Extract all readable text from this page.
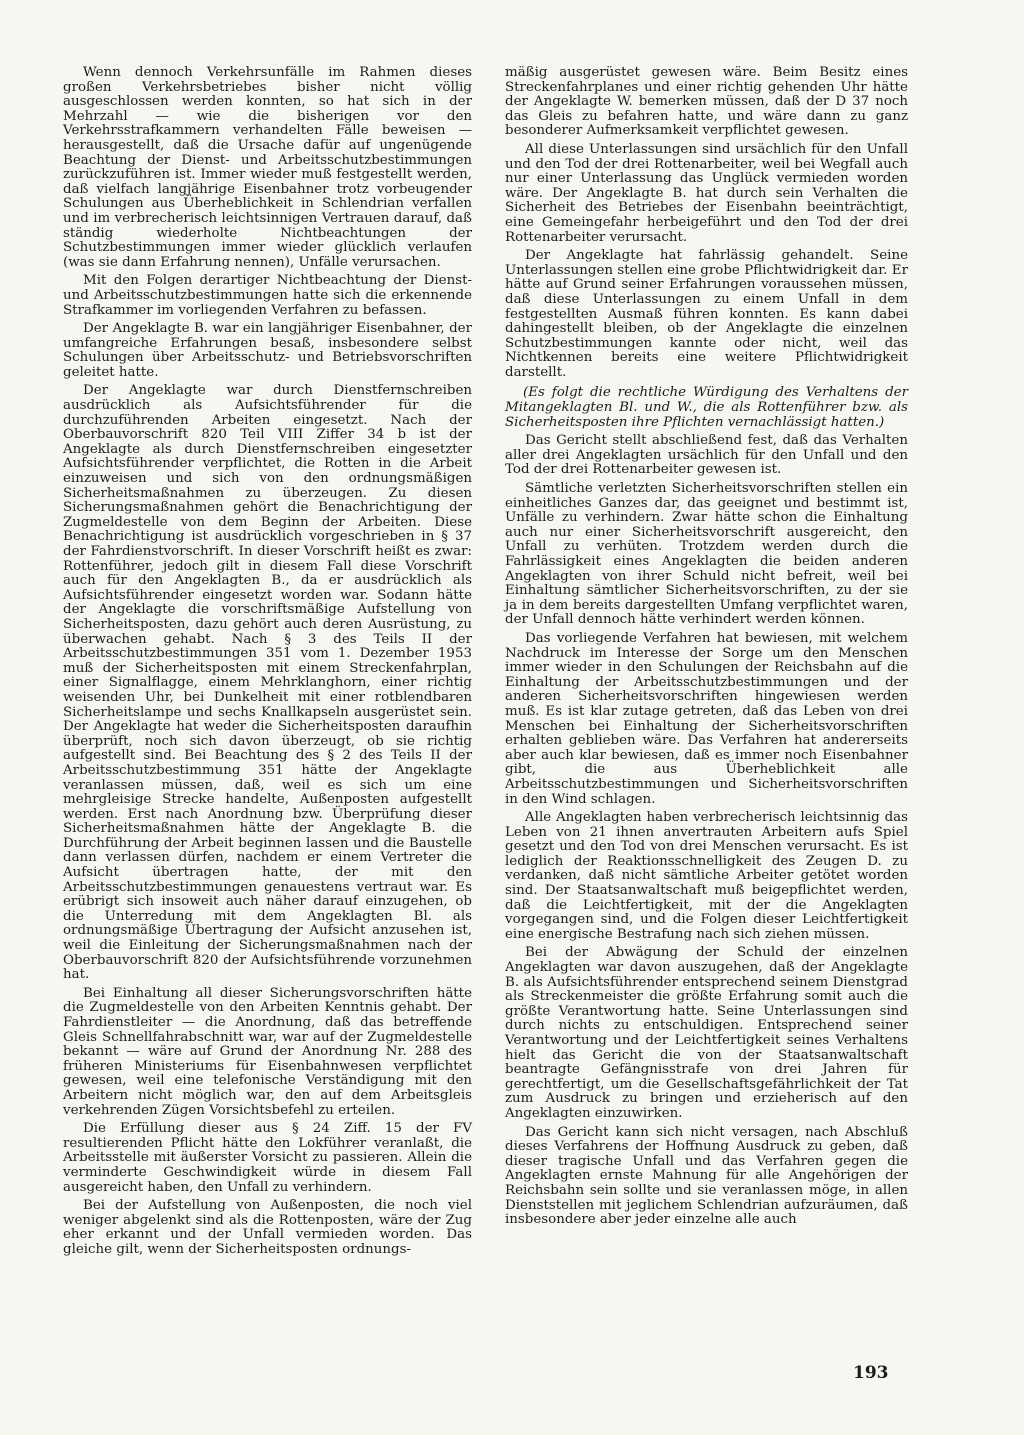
Wenn dennoch Verkehrsunfälle im Rahmen dieses großen Verkehrsbetriebes bisher nicht völlig ausgeschlossen werden konnten, so hat sich in der Mehrzahl — wie die bisherigen vor den Verkehrsstrafkammern verhandelten Fälle beweisen — herausgestellt, daß die Ursache dafür auf ungenügende Beachtung der Dienst- und Arbeitsschutzbestimmungen zurückzuführen ist. Immer wieder muß festgestellt werden, daß vielfach langjährige Eisenbahner trotz vorbeugender Schulungen aus Überheblichkeit in Schlendrian verfallen und im verbrecherisch leichtsinnigen Vertrauen darauf, daß ständig wiederholte Nichtbeachtungen der Schutzbestimmungen immer wieder glücklich verlaufen (was sie dann Erfahrung nennen), Unfälle verursachen.

Mit den Folgen derartiger Nichtbeachtung der Dienst- und Arbeitsschutzbestimmungen hatte sich die erkennende Strafkammer im vorliegenden Verfahren zu befassen.

Der Angeklagte B. war ein langjähriger Eisenbahner, der umfangreiche Erfahrungen besaß, insbesondere selbst Schulungen über Arbeitsschutz- und Betriebsvorschriften geleitet hatte.

Der Angeklagte war durch Dienstfernschreiben ausdrücklich als Aufsichtsführender für die durchzuführenden Arbeiten eingesetzt. Nach der Oberbauvorschrift 820 Teil VIII Ziffer 34 b ist der Angeklagte als durch Dienstfernschreiben eingesetzter Aufsichtsführender verpflichtet, die Rotten in die Arbeit einzuweisen und sich von den ordnungsmäßigen Sicherheitsmaßnahmen zu überzeugen. Zu diesen Sicherungsmaßnahmen gehört die Benachrichtigung der Zugmeldestelle von dem Beginn der Arbeiten. Diese Benachrichtigung ist ausdrücklich vorgeschrieben in § 37 der Fahrdienstvorschrift. In dieser Vorschrift heißt es zwar: Rottenführer, jedoch gilt in diesem Fall diese Vorschrift auch für den Angeklagten B., da er ausdrücklich als Aufsichtsführender eingesetzt worden war. Sodann hätte der Angeklagte die vorschriftsmäßige Aufstellung von Sicherheitsposten, dazu gehört auch deren Ausrüstung, zu überwachen gehabt. Nach § 3 des Teils II der Arbeitsschutzbestimmungen 351 vom 1. Dezember 1953 muß der Sicherheitsposten mit einem Streckenfahrplan, einer Signalflagge, einem Mehrklanghorn, einer richtig weisenden Uhr, bei Dunkelheit mit einer rotblendbaren Sicherheitslampe und sechs Knallkapseln ausgerüstet sein. Der Angeklagte hat weder die Sicherheitsposten daraufhin überprüft, noch sich davon überzeugt, ob sie richtig aufgestellt sind. Bei Beachtung des § 2 des Teils II der Arbeitsschutzbestimmung 351 hätte der Angeklagte veranlassen müssen, daß, weil es sich um eine mehrgleisige Strecke handelte, Außenposten aufgestellt werden. Erst nach Anordnung bzw. Überprüfung dieser Sicherheitsmaßnahmen hätte der Angeklagte B. die Durchführung der Arbeit beginnen lassen und die Baustelle dann verlassen dürfen, nachdem er einem Vertreter die Aufsicht übertragen hatte, der mit den Arbeitsschutzbestimmungen genauestens vertraut war. Es erübrigt sich insoweit auch näher darauf einzugehen, ob die Unterredung mit dem Angeklagten Bl. als ordnungsmäßige Übertragung der Aufsicht anzusehen ist, weil die Einleitung der Sicherungsmaßnahmen nach der Oberbauvorschrift 820 der Aufsichtsführende vorzunehmen hat.

Bei Einhaltung all dieser Sicherungsvorschriften hätte die Zugmeldestelle von den Arbeiten Kenntnis gehabt. Der Fahrdienstleiter — die Anordnung, daß das betreffende Gleis Schnellfahrabschnitt war, war auf der Zugmeldestelle bekannt — wäre auf Grund der Anordnung Nr. 288 des früheren Ministeriums für Eisenbahnwesen verpflichtet gewesen, weil eine telefonische Verständigung mit den Arbeitern nicht möglich war, den auf dem Arbeitsgleis verkehrenden Zügen Vorsichtsbefehl zu erteilen.

Die Erfüllung dieser aus § 24 Ziff. 15 der FV resultierenden Pflicht hätte den Lokführer veranlaßt, die Arbeitsstelle mit äußerster Vorsicht zu passieren. Allein die verminderte Geschwindigkeit würde in diesem Fall ausgereicht haben, den Unfall zu verhindern.

Bei der Aufstellung von Außenposten, die noch viel weniger abgelenkt sind als die Rottenposten, wäre der Zug eher erkannt und der Unfall vermieden worden. Das gleiche gilt, wenn der Sicherheitsposten ordnungs-

mäßig ausgerüstet gewesen wäre. Beim Besitz eines Streckenfahrplanes und einer richtig gehenden Uhr hätte der Angeklagte W. bemerken müssen, daß der D 37 noch das Gleis zu befahren hatte, und wäre dann zu ganz besonderer Aufmerksamkeit verpflichtet gewesen.

All diese Unterlassungen sind ursächlich für den Unfall und den Tod der drei Rottenarbeiter, weil bei Wegfall auch nur einer Unterlassung das Unglück vermieden worden wäre. Der Angeklagte B. hat durch sein Verhalten die Sicherheit des Betriebes der Eisenbahn beeinträchtigt, eine Gemeingefahr herbeigeführt und den Tod der drei Rottenarbeiter verursacht.

Der Angeklagte hat fahrlässig gehandelt. Seine Unterlassungen stellen eine grobe Pflichtwidrigkeit dar. Er hätte auf Grund seiner Erfahrungen voraussehen müssen, daß diese Unterlassungen zu einem Unfall in dem festgestellten Ausmaß führen konnten. Es kann dabei dahingestellt bleiben, ob der Angeklagte die einzelnen Schutzbestimmungen kannte oder nicht, weil das Nichtkennen bereits eine weitere Pflichtwidrigkeit darstellt.

(Es folgt die rechtliche Würdigung des Verhaltens der Mitangeklagten Bl. und W., die als Rottenführer bzw. als Sicherheitsposten ihre Pflichten vernachlässigt hatten.)

Das Gericht stellt abschließend fest, daß das Verhalten aller drei Angeklagten ursächlich für den Unfall und den Tod der drei Rottenarbeiter gewesen ist.

Sämtliche verletzten Sicherheitsvorschriften stellen ein einheitliches Ganzes dar, das geeignet und bestimmt ist, Unfälle zu verhindern. Zwar hätte schon die Einhaltung auch nur einer Sicherheitsvorschrift ausgereicht, den Unfall zu verhüten. Trotzdem werden durch die Fahrlässigkeit eines Angeklagten die beiden anderen Angeklagten von ihrer Schuld nicht befreit, weil bei Einhaltung sämtlicher Sicherheitsvorschriften, zu der sie ja in dem bereits dargestellten Umfang verpflichtet waren, der Unfall dennoch hätte verhindert werden können.

Das vorliegende Verfahren hat bewiesen, mit welchem Nachdruck im Interesse der Sorge um den Menschen immer wieder in den Schulungen der Reichsbahn auf die Einhaltung der Arbeitsschutzbestimmungen und der anderen Sicherheitsvorschriften hingewiesen werden muß. Es ist klar zutage getreten, daß das Leben von drei Menschen bei Einhaltung der Sicherheitsvorschriften erhalten geblieben wäre. Das Verfahren hat andererseits aber auch klar bewiesen, daß es immer noch Eisenbahner gibt, die aus Überheblichkeit alle Arbeitsschutzbestimmungen und Sicherheitsvorschriften in den Wind schlagen.

Alle Angeklagten haben verbrecherisch leichtsinnig das Leben von 21 ihnen anvertrauten Arbeitern aufs Spiel gesetzt und den Tod von drei Menschen verursacht. Es ist lediglich der Reaktionsschnelligkeit des Zeugen D. zu verdanken, daß nicht sämtliche Arbeiter getötet worden sind. Der Staatsanwaltschaft muß beigepflichtet werden, daß die Leichtfertigkeit, mit der die Angeklagten vorgegangen sind, und die Folgen dieser Leichtfertigkeit eine energische Bestrafung nach sich ziehen müssen.

Bei der Abwägung der Schuld der einzelnen Angeklagten war davon auszugehen, daß der Angeklagte B. als Aufsichtsführender entsprechend seinem Dienstgrad als Streckenmeister die größte Erfahrung somit auch die größte Verantwortung hatte. Seine Unterlassungen sind durch nichts zu entschuldigen. Entsprechend seiner Verantwortung und der Leichtfertigkeit seines Verhaltens hielt das Gericht die von der Staatsanwaltschaft beantragte Gefängnisstrafe von drei Jahren für gerechtfertigt, um die Gesellschaftsgefährlichkeit der Tat zum Ausdruck zu bringen und erzieherisch auf den Angeklagten einzuwirken.

Das Gericht kann sich nicht versagen, nach Abschluß dieses Verfahrens der Hoffnung Ausdruck zu geben, daß dieser tragische Unfall und das Verfahren gegen die Angeklagten ernste Mahnung für alle Angehörigen der Reichsbahn sein sollte und sie veranlassen möge, in allen Dienststellen mit jeglichem Schlendrian aufzuräumen, daß insbesondere aber jeder einzelne alle auch

193
